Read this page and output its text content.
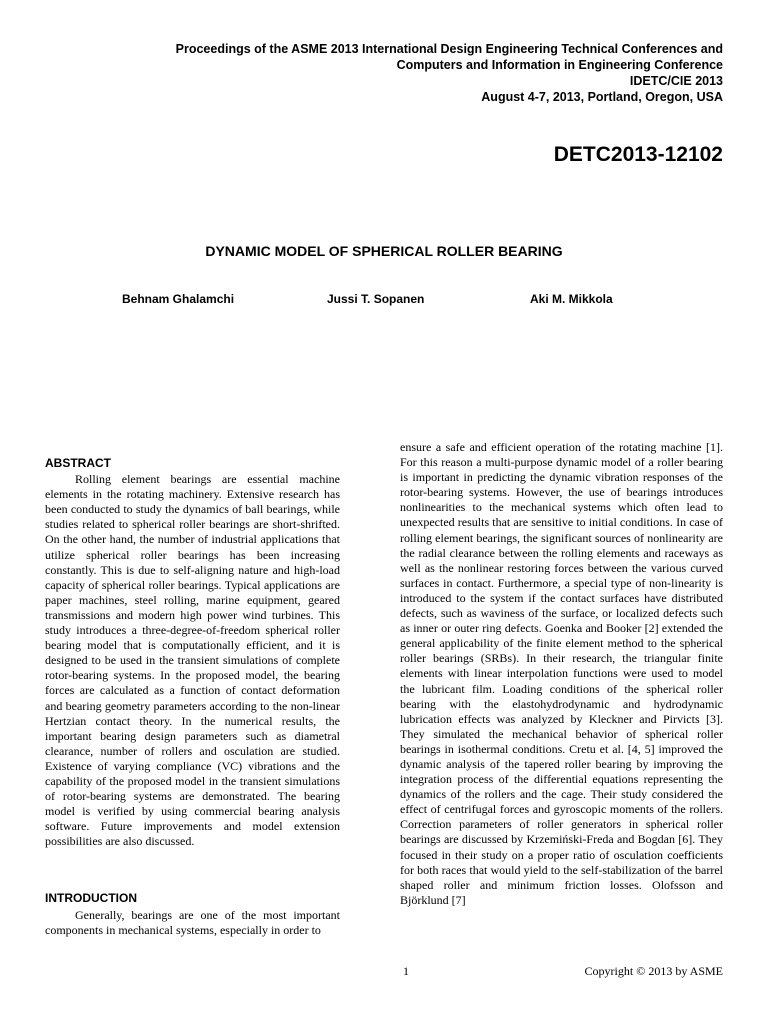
Proceedings of the ASME 2013 International Design Engineering Technical Conferences and
Computers and Information in Engineering Conference
IDETC/CIE 2013
August 4-7, 2013, Portland, Oregon, USA
DETC2013-12102
DYNAMIC MODEL OF SPHERICAL ROLLER BEARING
Behnam Ghalamchi	Jussi T. Sopanen	Aki M. Mikkola
ABSTRACT

Rolling element bearings are essential machine elements in the rotating machinery. Extensive research has been conducted to study the dynamics of ball bearings, while studies related to spherical roller bearings are short-shrifted. On the other hand, the number of industrial applications that utilize spherical roller bearings has been increasing constantly. This is due to self-aligning nature and high-load capacity of spherical roller bearings. Typical applications are paper machines, steel rolling, marine equipment, geared transmissions and modern high power wind turbines. This study introduces a three-degree-of-freedom spherical roller bearing model that is computationally efficient, and it is designed to be used in the transient simulations of complete rotor-bearing systems. In the proposed model, the bearing forces are calculated as a function of contact deformation and bearing geometry parameters according to the non-linear Hertzian contact theory. In the numerical results, the important bearing design parameters such as diametral clearance, number of rollers and osculation are studied. Existence of varying compliance (VC) vibrations and the capability of the proposed model in the transient simulations of rotor-bearing systems are demonstrated. The bearing model is verified by using commercial bearing analysis software. Future improvements and model extension possibilities are also discussed.

INTRODUCTION

Generally, bearings are one of the most important components in mechanical systems, especially in order to

ensure a safe and efficient operation of the rotating machine [1]. For this reason a multi-purpose dynamic model of a roller bearing is important in predicting the dynamic vibration responses of the rotor-bearing systems. However, the use of bearings introduces nonlinearities to the mechanical systems which often lead to unexpected results that are sensitive to initial conditions. In case of rolling element bearings, the significant sources of nonlinearity are the radial clearance between the rolling elements and raceways as well as the nonlinear restoring forces between the various curved surfaces in contact. Furthermore, a special type of non-linearity is introduced to the system if the contact surfaces have distributed defects, such as waviness of the surface, or localized defects such as inner or outer ring defects. Goenka and Booker [2] extended the general applicability of the finite element method to the spherical roller bearings (SRBs). In their research, the triangular finite elements with linear interpolation functions were used to model the lubricant film. Loading conditions of the spherical roller bearing with the elastohydrodynamic and hydrodynamic lubrication effects was analyzed by Kleckner and Pirvicts [3]. They simulated the mechanical behavior of spherical roller bearings in isothermal conditions. Cretu et al. [4, 5] improved the dynamic analysis of the tapered roller bearing by improving the integration process of the differential equations representing the dynamics of the rollers and the cage. Their study considered the effect of centrifugal forces and gyroscopic moments of the rollers. Correction parameters of roller generators in spherical roller bearings are discussed by Krzemiński-Freda and Bogdan [6]. They focused in their study on a proper ratio of osculation coefficients for both races that would yield to the self-stabilization of the barrel shaped roller and minimum friction losses. Olofsson and Björklund [7]

1	Copyright © 2013 by ASME
